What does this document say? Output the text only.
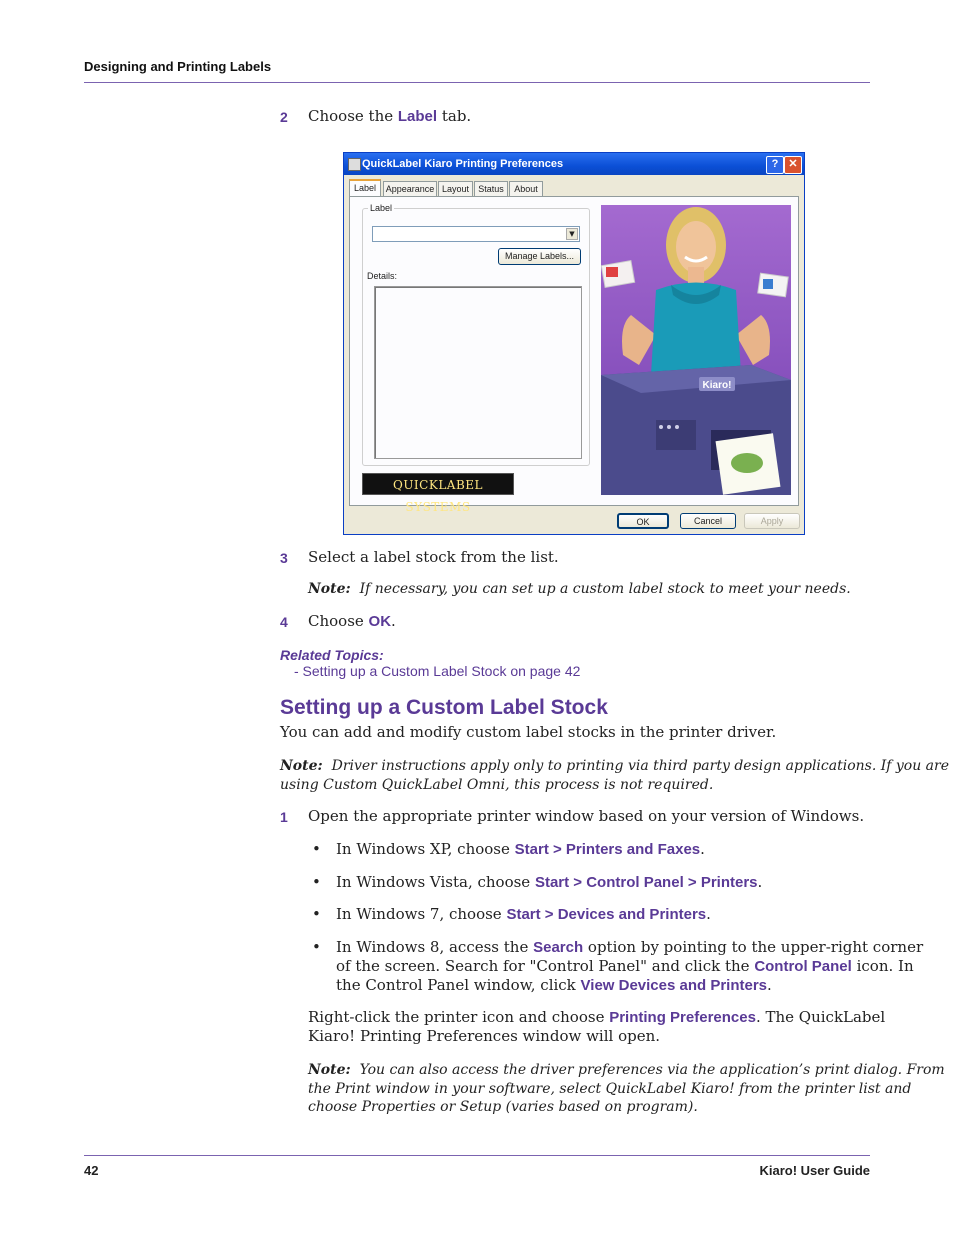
Designing and Printing Labels
2 Choose the Label tab.
QuickLabel Kiaro Printing Preferences	? ✕
Label	Appearance Layout	Status	About
Label
▼
Manage Labels...
Details:
QUICKLABEL SYSTEMS
Kiaro!
OK	Cancel	Apply
3 Select a label stock from the list.
Note: If necessary, you can set up a custom label stock to meet your needs.
4 Choose OK.
Related Topics:
- Setting up a Custom Label Stock on page 42
Setting up a Custom Label Stock
You can add and modify custom label stocks in the printer driver.
Note: Driver instructions apply only to printing via third party design applications. If you are
using Custom QuickLabel Omni, this process is not required.
1 Open the appropriate printer window based on your version of Windows.
• In Windows XP, choose Start > Printers and Faxes.
• In Windows Vista, choose Start > Control Panel > Printers.
• In Windows 7, choose Start > Devices and Printers.
• In Windows 8, access the Search option by pointing to the upper-right corner
of the screen. Search for "Control Panel" and click the Control Panel icon. In
the Control Panel window, click View Devices and Printers.
Right-click the printer icon and choose Printing Preferences. The QuickLabel
Kiaro! Printing Preferences window will open.
Note: You can also access the driver preferences via the application’s print dialog. From
the Print window in your software, select QuickLabel Kiaro! from the printer list and
choose Properties or Setup (varies based on program).
42	Kiaro! User Guide
